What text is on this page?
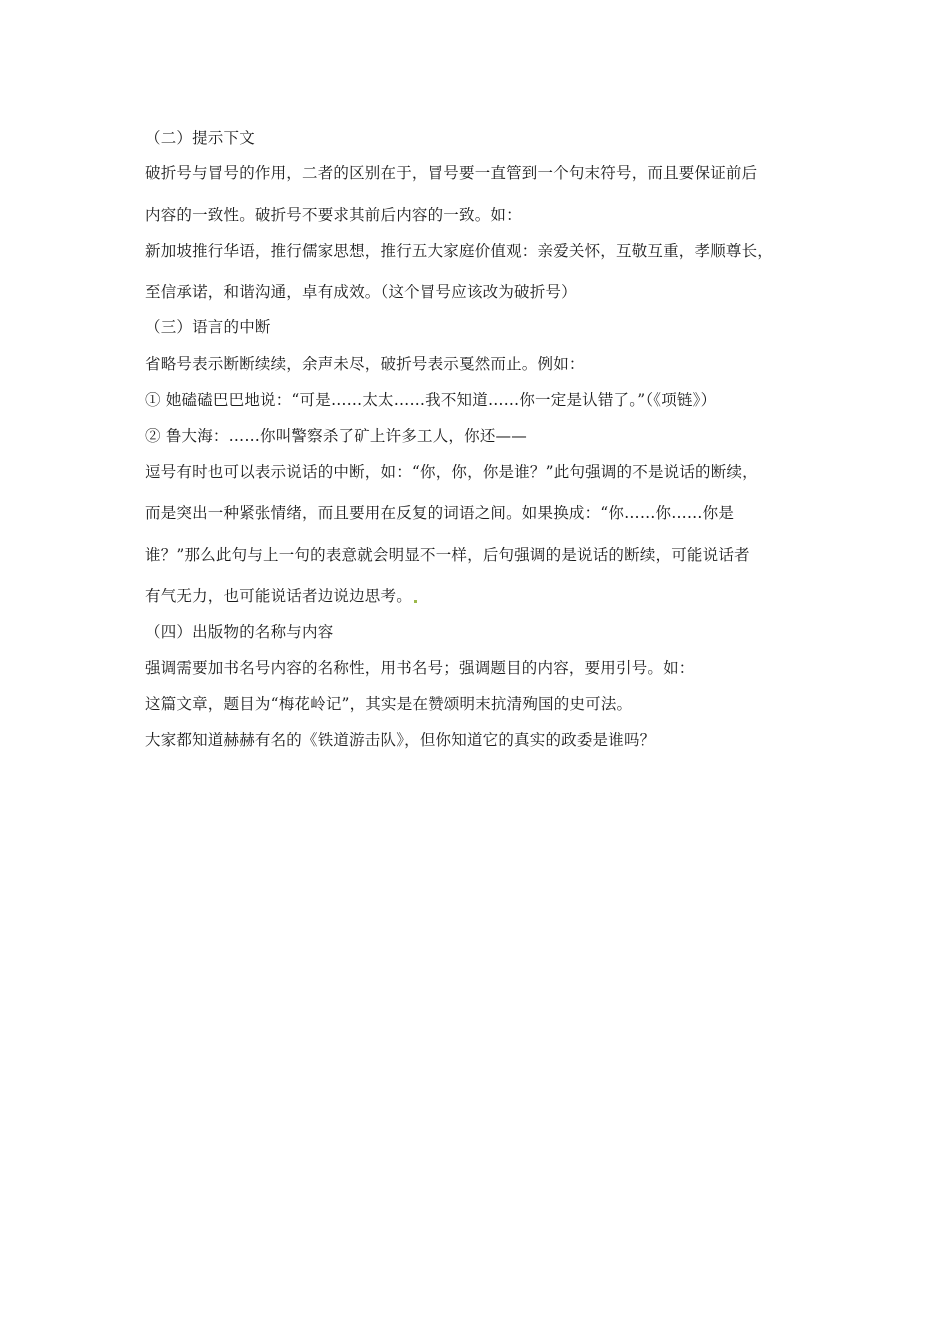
（二）提示下文
破折号与冒号的作用，二者的区别在于，冒号要一直管到一个句末符号，而且要保证前后
内容的一致性。破折号不要求其前后内容的一致。如：
新加坡推行华语，推行儒家思想，推行五大家庭价值观：亲爱关怀，互敬互重，孝顺尊长，
至信承诺，和谐沟通，卓有成效。（这个冒号应该改为破折号）
（三）语言的中断
省略号表示断断续续，余声未尽，破折号表示戛然而止。例如：
① 她磕磕巴巴地说：“可是……太太……我不知道……你一定是认错了。”（《项链》）
② 鲁大海：……你叫警察杀了矿上许多工人，你还——
逗号有时也可以表示说话的中断，如：“你，你，你是谁？”此句强调的不是说话的断续，
而是突出一种紧张情绪，而且要用在反复的词语之间。如果换成：“你……你……你是
谁？”那么此句与上一句的表意就会明显不一样，后句强调的是说话的断续，可能说话者
有气无力，也可能说话者边说边思考。
（四）出版物的名称与内容
强调需要加书名号内容的名称性，用书名号；强调题目的内容，要用引号。如：
这篇文章，题目为“梅花岭记”，其实是在赞颂明末抗清殉国的史可法。
大家都知道赫赫有名的《铁道游击队》，但你知道它的真实的政委是谁吗？
